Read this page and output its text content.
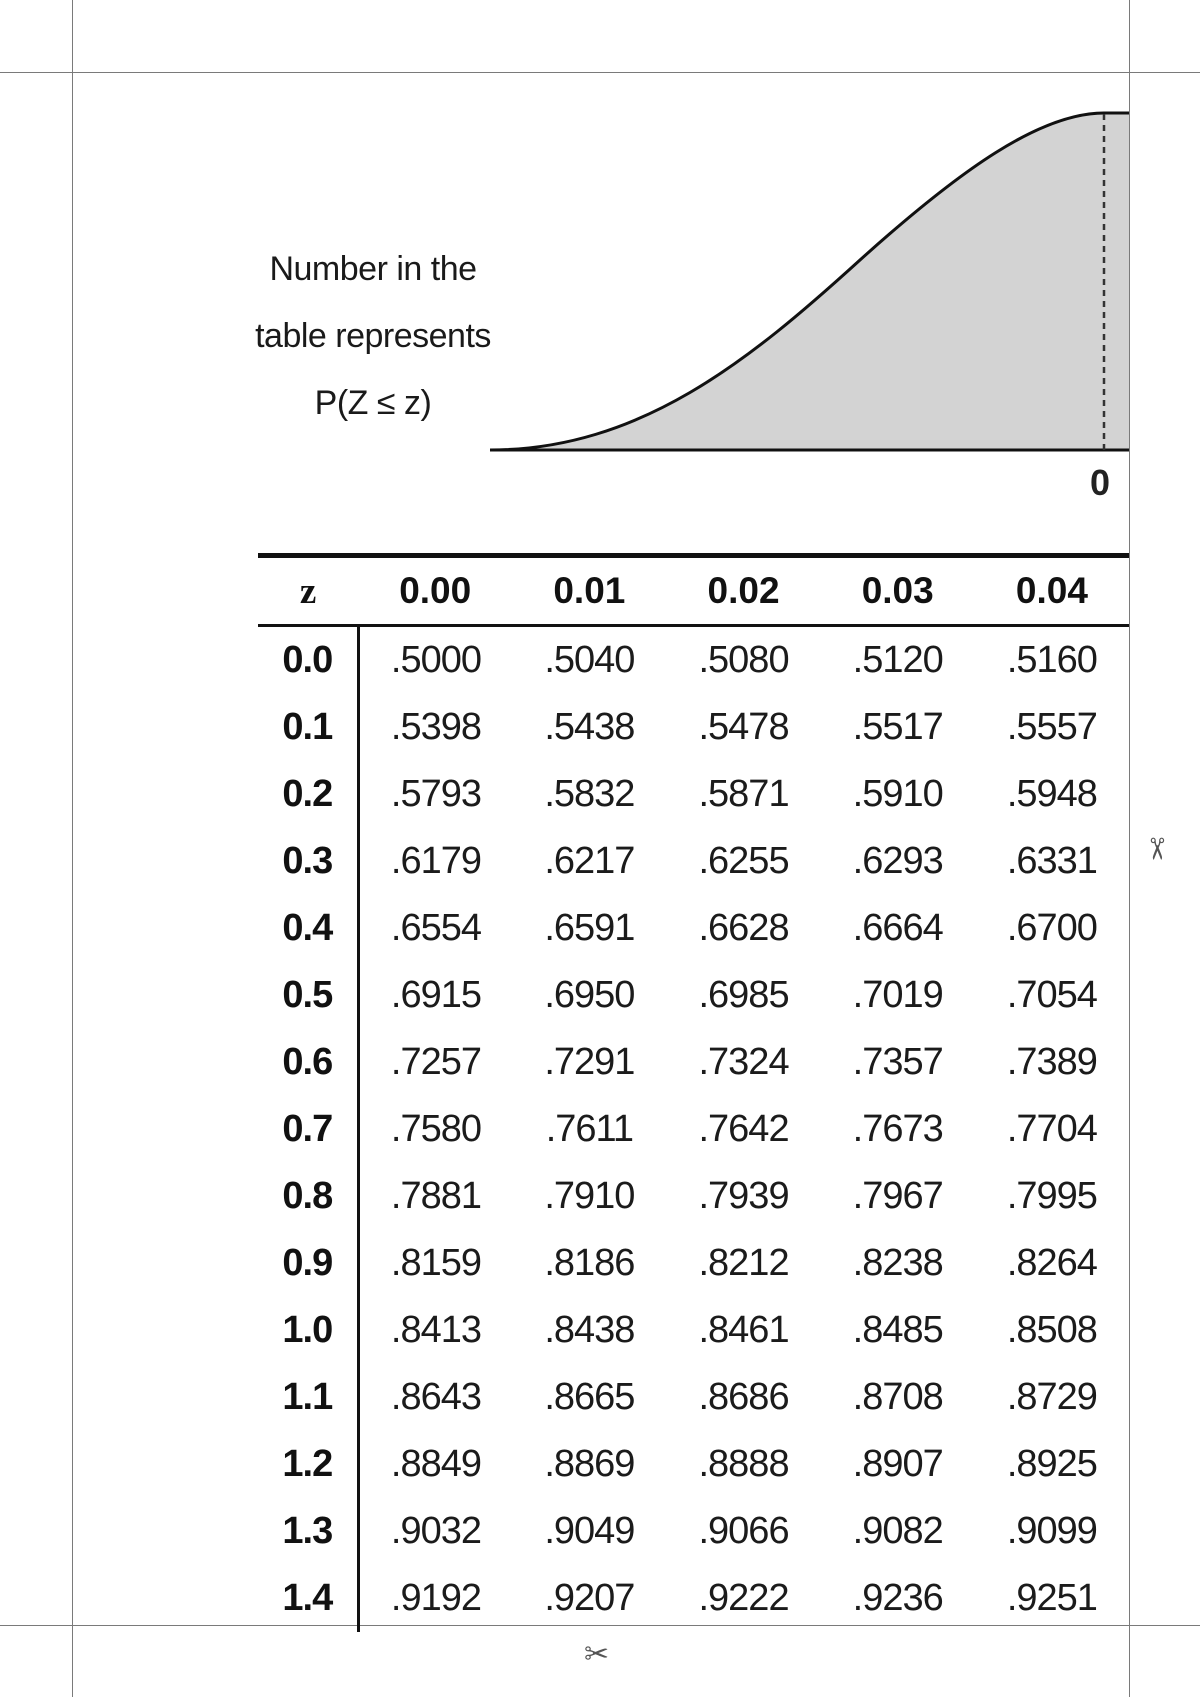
✂
✂
Number in the
table represents
P(Z ≤ z)
0
z	0.00	0.01	0.02	0.03	0.04
0.0	.5000	.5040	.5080	.5120	.5160
0.1	.5398	.5438	.5478	.5517	.5557
0.2	.5793	.5832	.5871	.5910	.5948
0.3	.6179	.6217	.6255	.6293	.6331
0.4	.6554	.6591	.6628	.6664	.6700
0.5	.6915	.6950	.6985	.7019	.7054
0.6	.7257	.7291	.7324	.7357	.7389
0.7	.7580	.7611	.7642	.7673	.7704
0.8	.7881	.7910	.7939	.7967	.7995
0.9	.8159	.8186	.8212	.8238	.8264
1.0	.8413	.8438	.8461	.8485	.8508
1.1	.8643	.8665	.8686	.8708	.8729
1.2	.8849	.8869	.8888	.8907	.8925
1.3	.9032	.9049	.9066	.9082	.9099
1.4	.9192	.9207	.9222	.9236	.9251
